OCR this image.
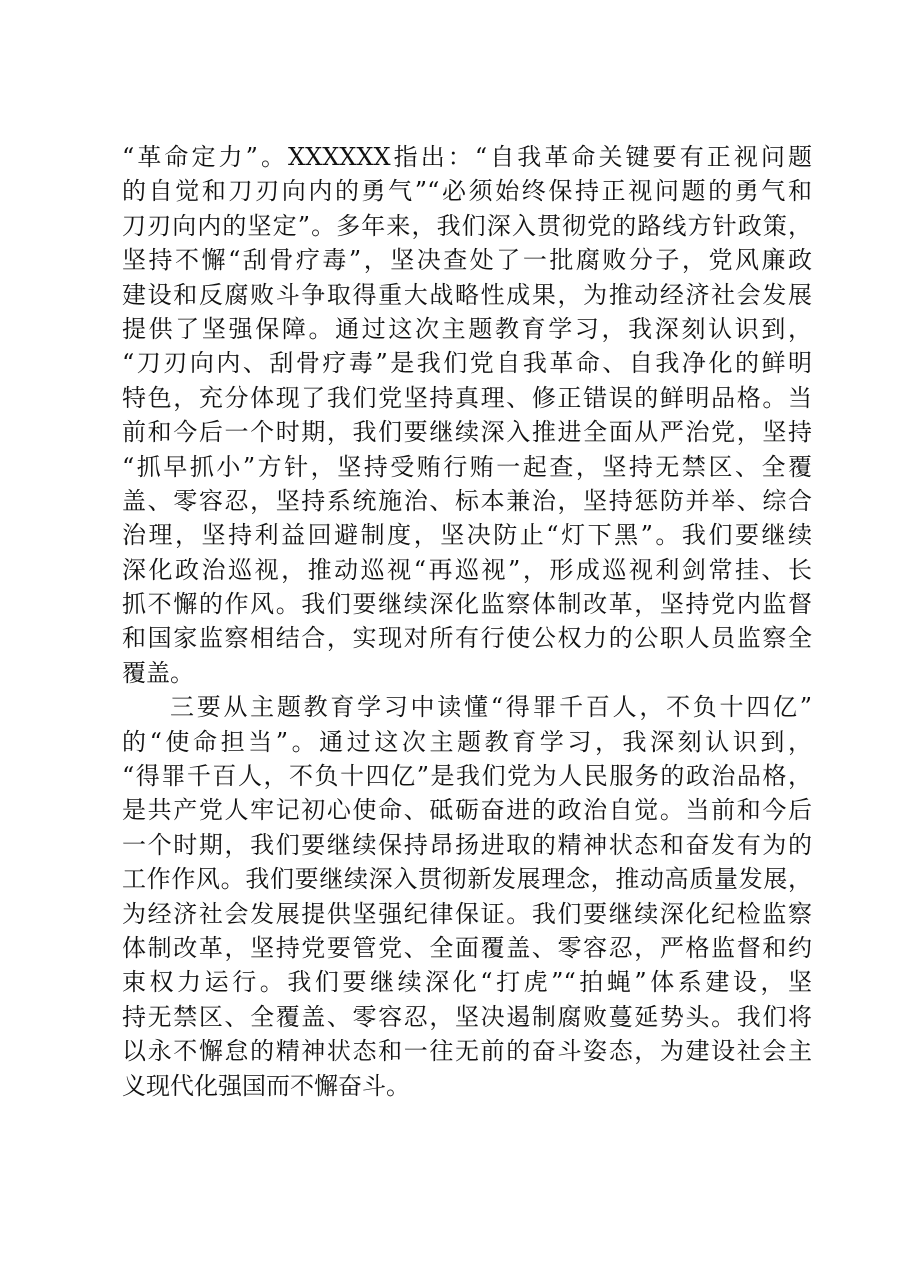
“革命定力”。XXXXXX指出：“自我革命关键要有正视问题
的自觉和刀刃向内的勇气”“必须始终保持正视问题的勇气和
刀刃向内的坚定”。多年来，我们深入贯彻党的路线方针政策，
坚持不懈“刮骨疗毒”，坚决查处了一批腐败分子，党风廉政
建设和反腐败斗争取得重大战略性成果，为推动经济社会发展
提供了坚强保障。通过这次主题教育学习，我深刻认识到，
“刀刃向内、刮骨疗毒”是我们党自我革命、自我净化的鲜明
特色，充分体现了我们党坚持真理、修正错误的鲜明品格。当
前和今后一个时期，我们要继续深入推进全面从严治党，坚持
“抓早抓小”方针，坚持受贿行贿一起查，坚持无禁区、全覆
盖、零容忍，坚持系统施治、标本兼治，坚持惩防并举、综合
治理，坚持利益回避制度，坚决防止“灯下黑”。我们要继续
深化政治巡视，推动巡视“再巡视”，形成巡视利剑常挂、长
抓不懈的作风。我们要继续深化监察体制改革，坚持党内监督
和国家监察相结合，实现对所有行使公权力的公职人员监察全
覆盖。
三要从主题教育学习中读懂“得罪千百人，不负十四亿”
的“使命担当”。通过这次主题教育学习，我深刻认识到，
“得罪千百人，不负十四亿”是我们党为人民服务的政治品格，
是共产党人牢记初心使命、砥砺奋进的政治自觉。当前和今后
一个时期，我们要继续保持昂扬进取的精神状态和奋发有为的
工作作风。我们要继续深入贯彻新发展理念，推动高质量发展，
为经济社会发展提供坚强纪律保证。我们要继续深化纪检监察
体制改革，坚持党要管党、全面覆盖、零容忍，严格监督和约
束权力运行。我们要继续深化“打虎”“拍蝇”体系建设，坚
持无禁区、全覆盖、零容忍，坚决遏制腐败蔓延势头。我们将
以永不懈怠的精神状态和一往无前的奋斗姿态，为建设社会主
义现代化强国而不懈奋斗。
